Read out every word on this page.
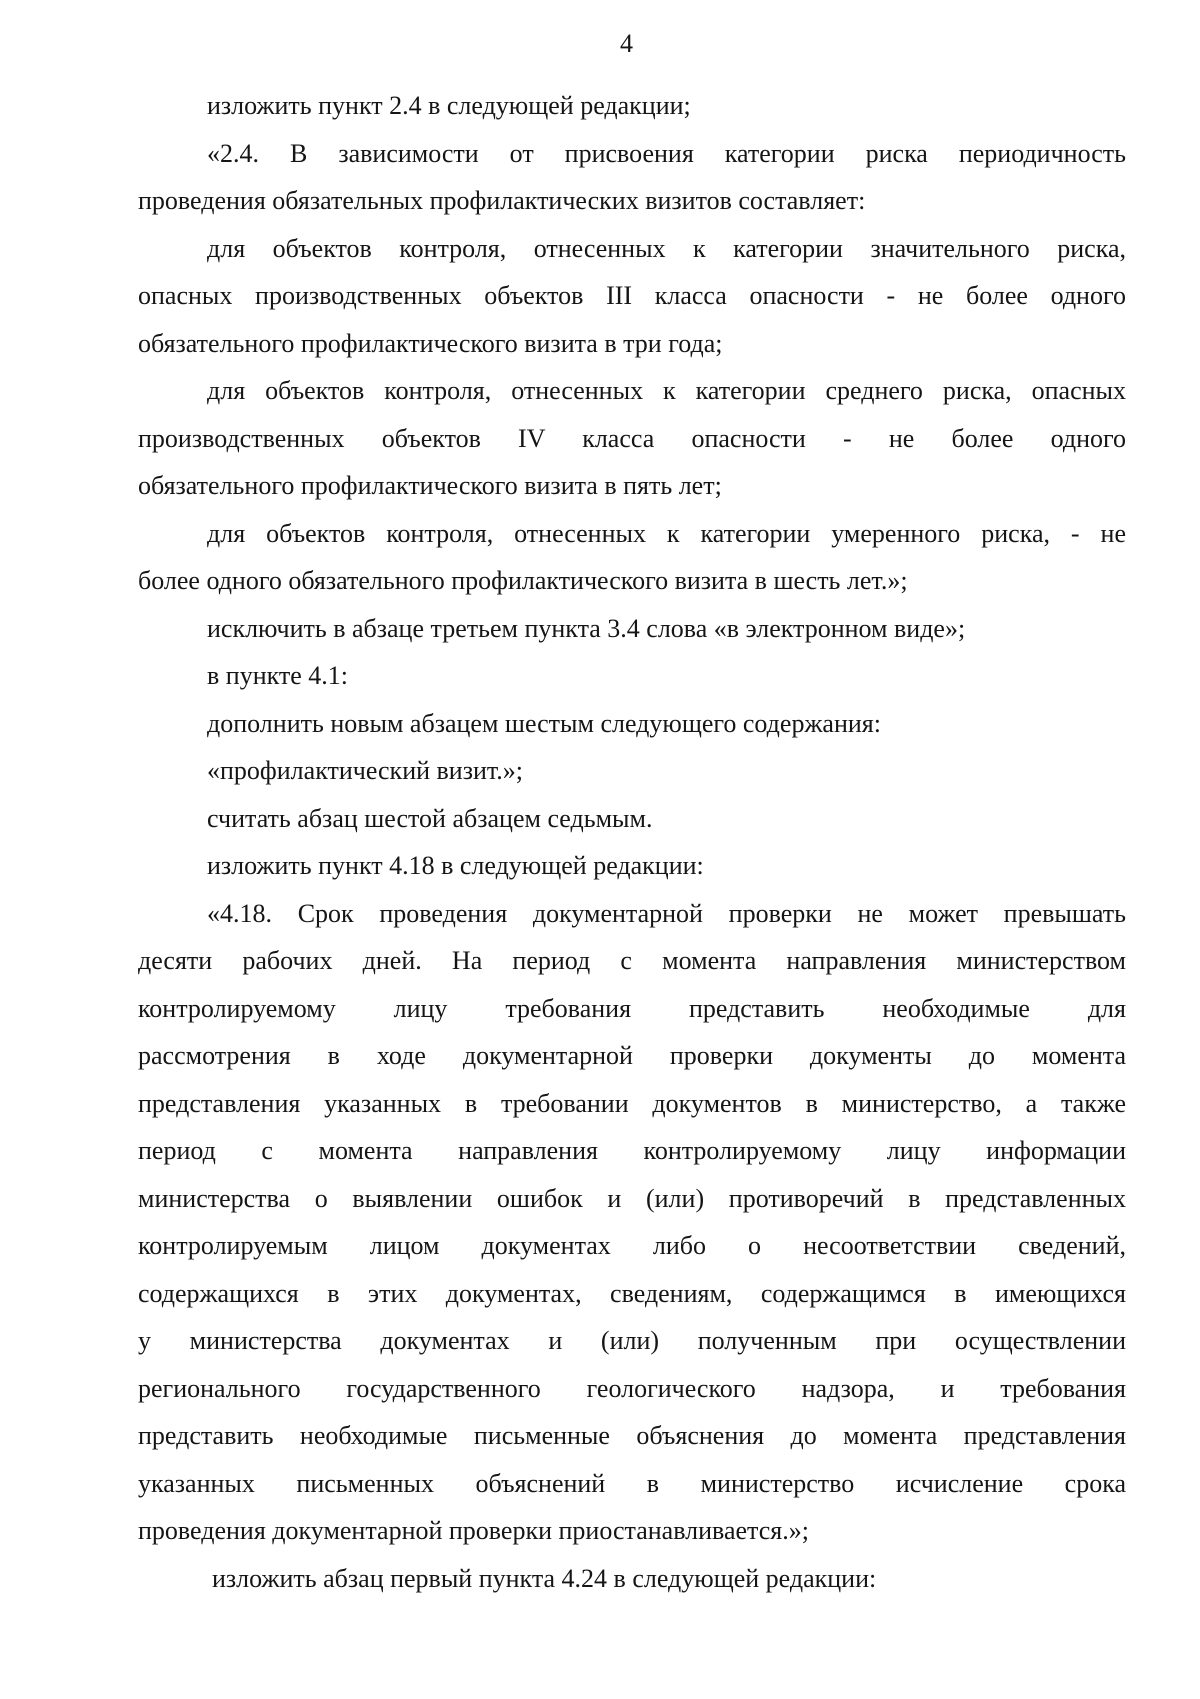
4
изложить пункт 2.4 в следующей редакции;
«2.4. В зависимости от присвоения категории риска периодичность
проведения обязательных профилактических визитов составляет:
для объектов контроля, отнесенных к категории значительного риска,
опасных производственных объектов III класса опасности - не более одного
обязательного профилактического визита в три года;
для объектов контроля, отнесенных к категории среднего риска, опасных
производственных объектов IV класса опасности - не более одного
обязательного профилактического визита в пять лет;
для объектов контроля, отнесенных к категории умеренного риска, - не
более одного обязательного профилактического визита в шесть лет.»;
исключить в абзаце третьем пункта 3.4 слова «в электронном виде»;
в пункте 4.1:
дополнить новым абзацем шестым следующего содержания:
«профилактический визит.»;
считать абзац шестой абзацем седьмым.
изложить пункт 4.18 в следующей редакции:
«4.18. Срок проведения документарной проверки не может превышать
десяти рабочих дней. На период с момента направления министерством
контролируемому лицу требования представить необходимые для
рассмотрения в ходе документарной проверки документы до момента
представления указанных в требовании документов в министерство, а также
период с момента направления контролируемому лицу информации
министерства о выявлении ошибок и (или) противоречий в представленных
контролируемым лицом документах либо о несоответствии сведений,
содержащихся в этих документах, сведениям, содержащимся в имеющихся
у министерства документах и (или) полученным при осуществлении
регионального государственного геологического надзора, и требования
представить необходимые письменные объяснения до момента представления
указанных письменных объяснений в министерство исчисление срока
проведения документарной проверки приостанавливается.»;
изложить абзац первый пункта 4.24 в следующей редакции:
